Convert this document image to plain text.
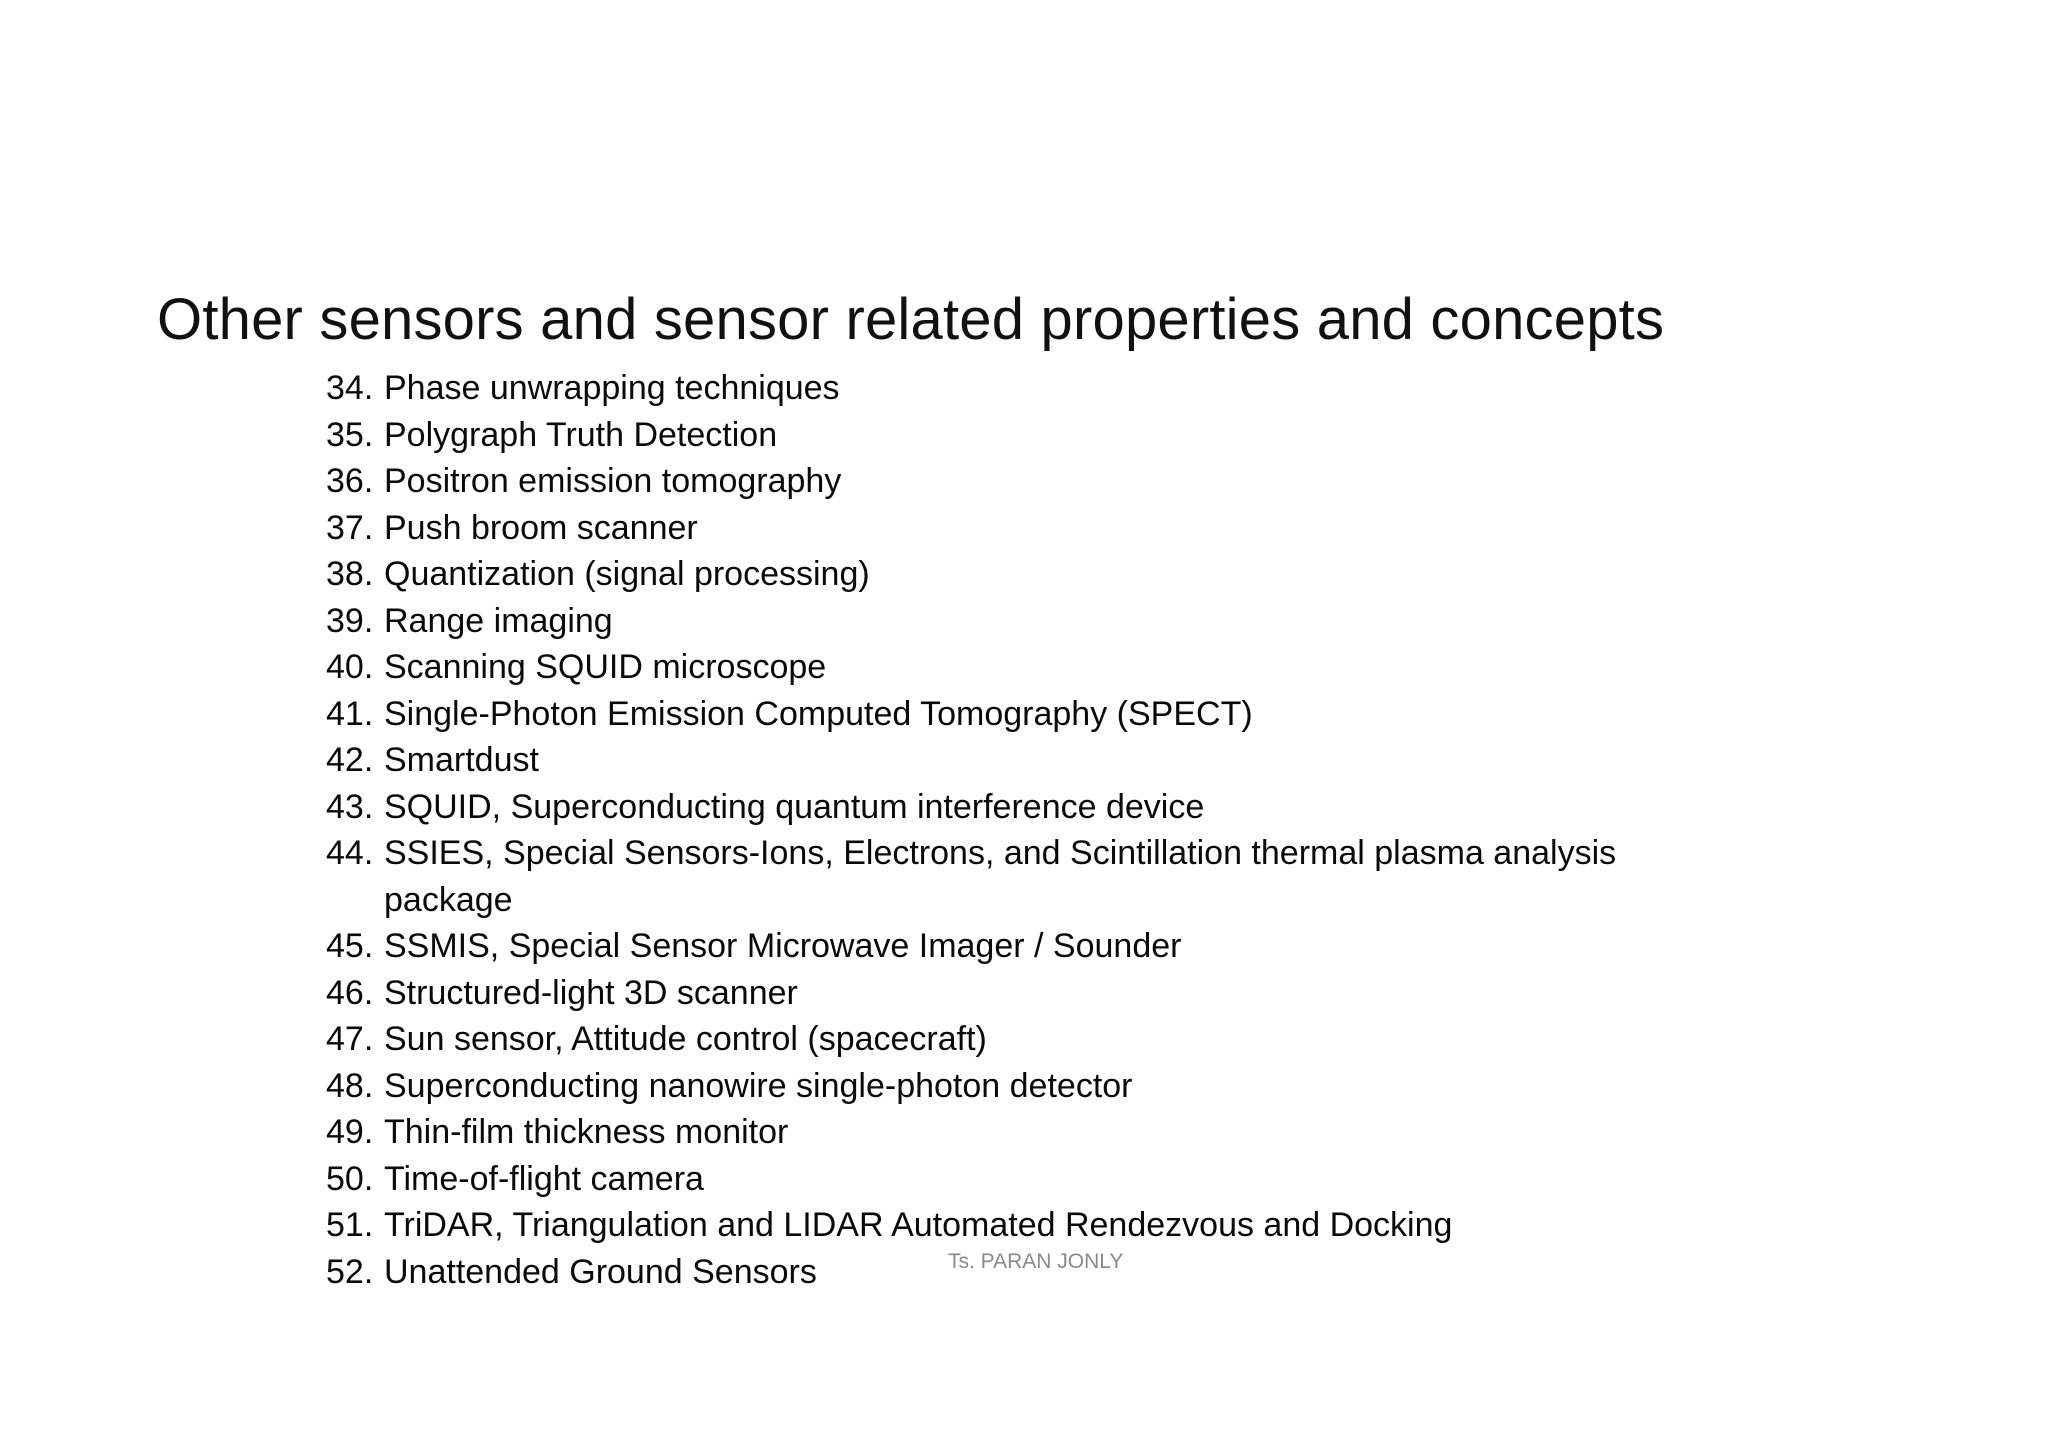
Other sensors and sensor related properties and concepts
34. Phase unwrapping techniques
35. Polygraph Truth Detection
36. Positron emission tomography
37. Push broom scanner
38. Quantization (signal processing)
39. Range imaging
40. Scanning SQUID microscope
41. Single-Photon Emission Computed Tomography (SPECT)
42. Smartdust
43. SQUID, Superconducting quantum interference device
44. SSIES, Special Sensors-Ions, Electrons, and Scintillation thermal plasma analysis package
45. SSMIS, Special Sensor Microwave Imager / Sounder
46. Structured-light 3D scanner
47. Sun sensor, Attitude control (spacecraft)
48. Superconducting nanowire single-photon detector
49. Thin-film thickness monitor
50. Time-of-flight camera
51. TriDAR, Triangulation and LIDAR Automated Rendezvous and Docking
52. Unattended Ground Sensors	Ts. PARAN JONLY
